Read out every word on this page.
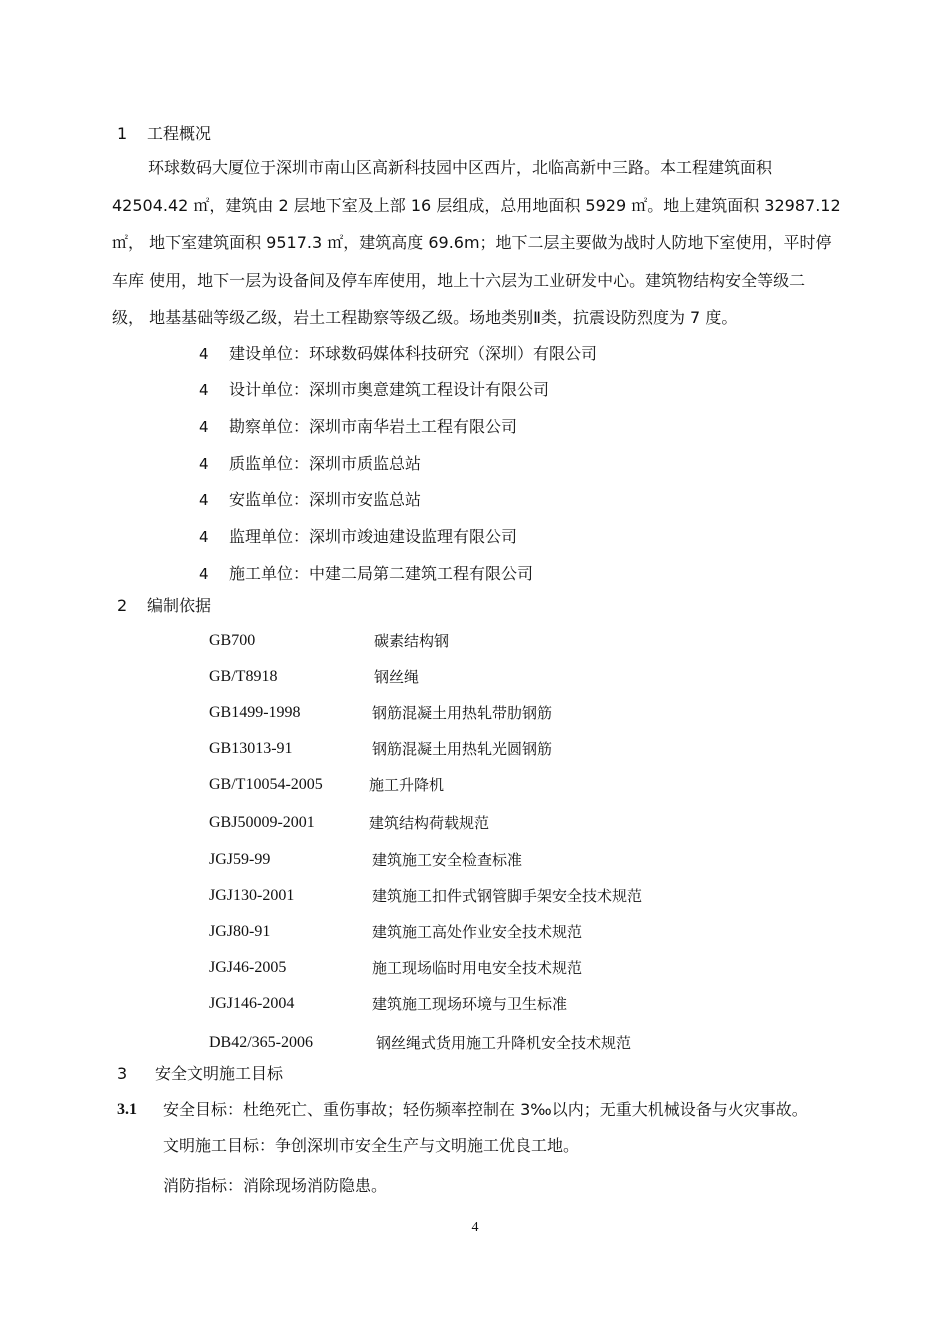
1 工程概况
环球数码大厦位于深圳市南山区高新科技园中区西片，北临高新中三路。本工程建筑面积
42504.42 ㎡，建筑由 2 层地下室及上部 16 层组成，总用地面积 5929 ㎡。地上建筑面积 32987.12
㎡， 地下室建筑面积 9517.3 ㎡，建筑高度 69.6m；地下二层主要做为战时人防地下室使用，平时停
车库 使用，地下一层为设备间及停车库使用，地上十六层为工业研发中心。建筑物结构安全等级二
级， 地基基础等级乙级，岩土工程勘察等级乙级。场地类别Ⅱ类，抗震设防烈度为 7 度。
4 建设单位：环球数码媒体科技研究（深圳）有限公司
4 设计单位：深圳市奥意建筑工程设计有限公司
4 勘察单位：深圳市南华岩土工程有限公司
4 质监单位：深圳市质监总站
4 安监单位：深圳市安监总站
4 监理单位：深圳市竣迪建设监理有限公司
4 施工单位：中建二局第二建筑工程有限公司
2 编制依据
GB700	碳素结构钢
GB/T8918	钢丝绳
GB1499-1998	钢筋混凝土用热轧带肋钢筋
GB13013-91	钢筋混凝土用热轧光圆钢筋
GB/T10054-2005	施工升降机
GBJ50009-2001	建筑结构荷载规范
JGJ59-99	建筑施工安全检查标准
JGJ130-2001	建筑施工扣件式钢管脚手架安全技术规范
JGJ80-91	建筑施工高处作业安全技术规范
JGJ46-2005	施工现场临时用电安全技术规范
JGJ146-2004	建筑施工现场环境与卫生标准
DB42/365-2006	钢丝绳式货用施工升降机安全技术规范
3 安全文明施工目标
3.1 安全目标：杜绝死亡、重伤事故；轻伤频率控制在 3‰以内；无重大机械设备与火灾事故。
文明施工目标：争创深圳市安全生产与文明施工优良工地。
消防指标：消除现场消防隐患。
4
